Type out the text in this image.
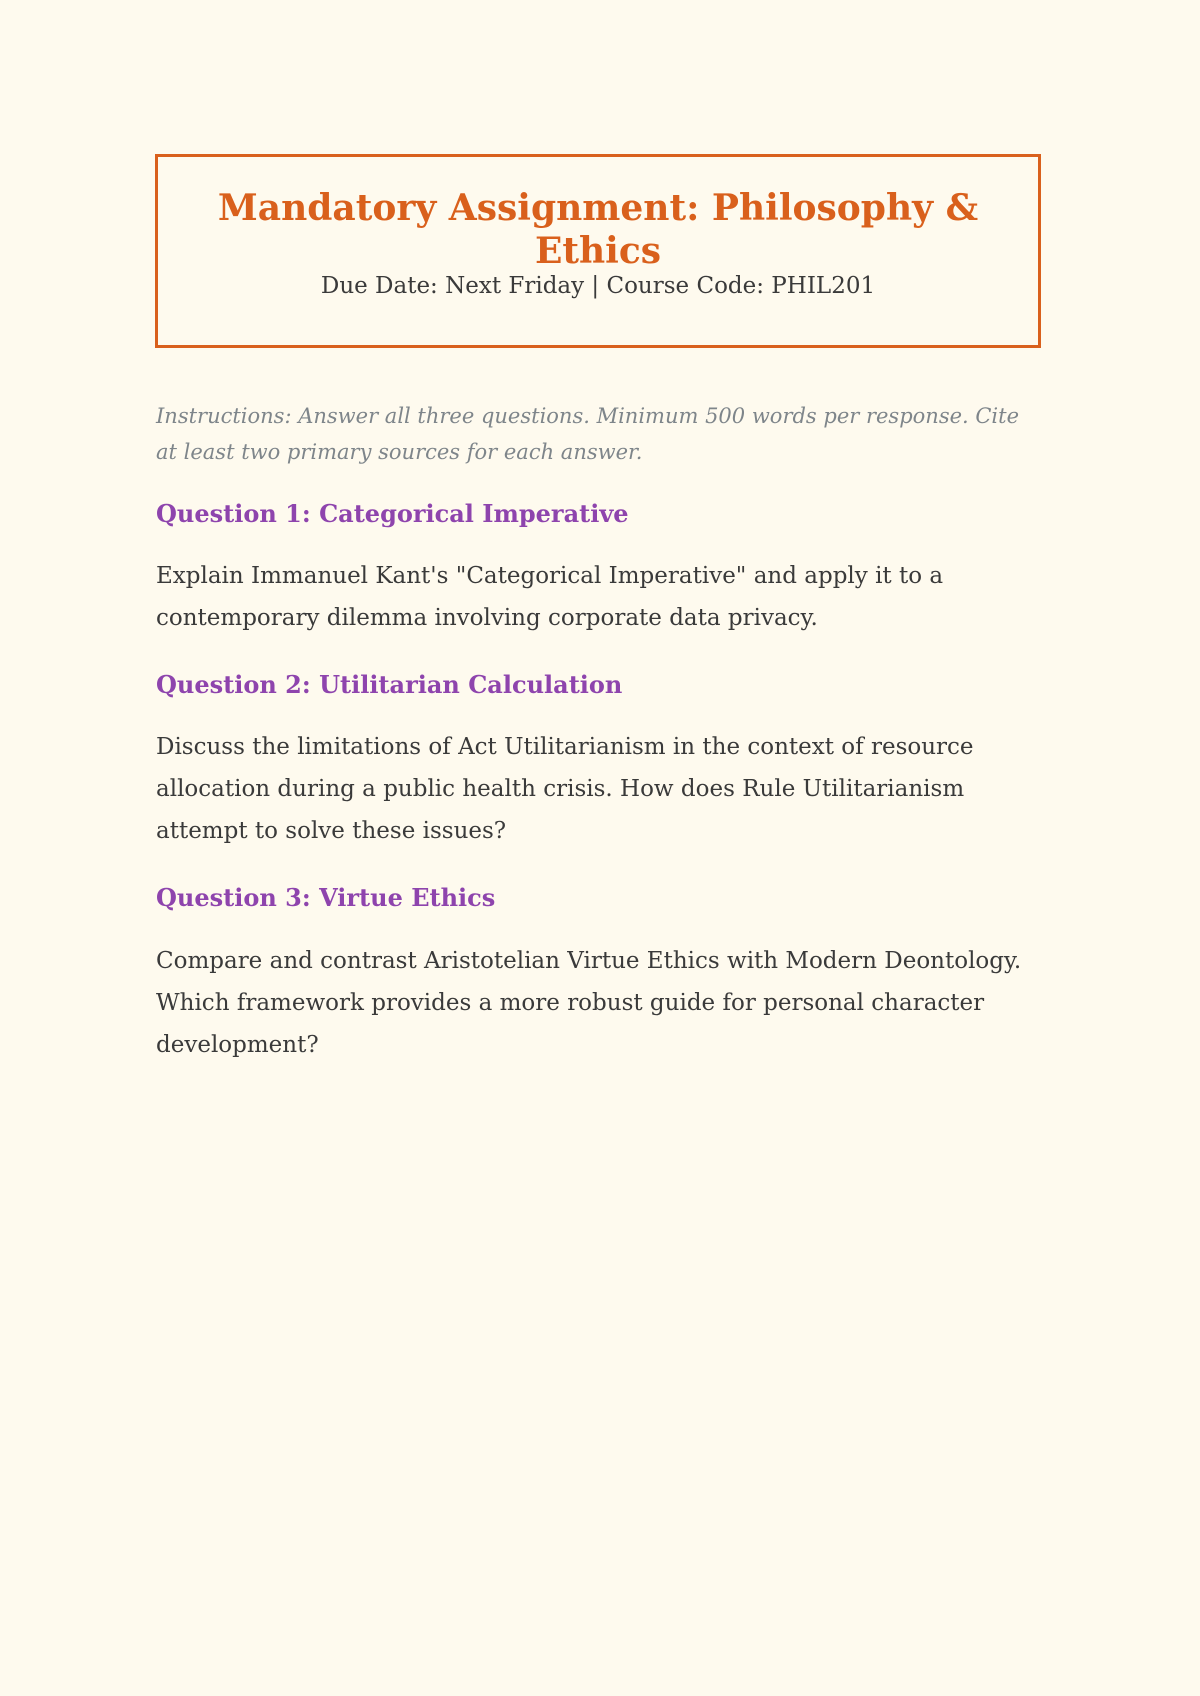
Mandatory Assignment: Philosophy & Ethics

Due Date: Next Friday | Course Code: PHIL201

Instructions: Answer all three questions. Minimum 500 words per response. Cite at least two primary sources for each answer.

Question 1: Categorical Imperative

Explain Immanuel Kant's "Categorical Imperative" and apply it to a contemporary dilemma involving corporate data privacy.

Question 2: Utilitarian Calculation

Discuss the limitations of Act Utilitarianism in the context of resource allocation during a public health crisis. How does Rule Utilitarianism attempt to solve these issues?

Question 3: Virtue Ethics

Compare and contrast Aristotelian Virtue Ethics with Modern Deontology. Which framework provides a more robust guide for personal character development?
